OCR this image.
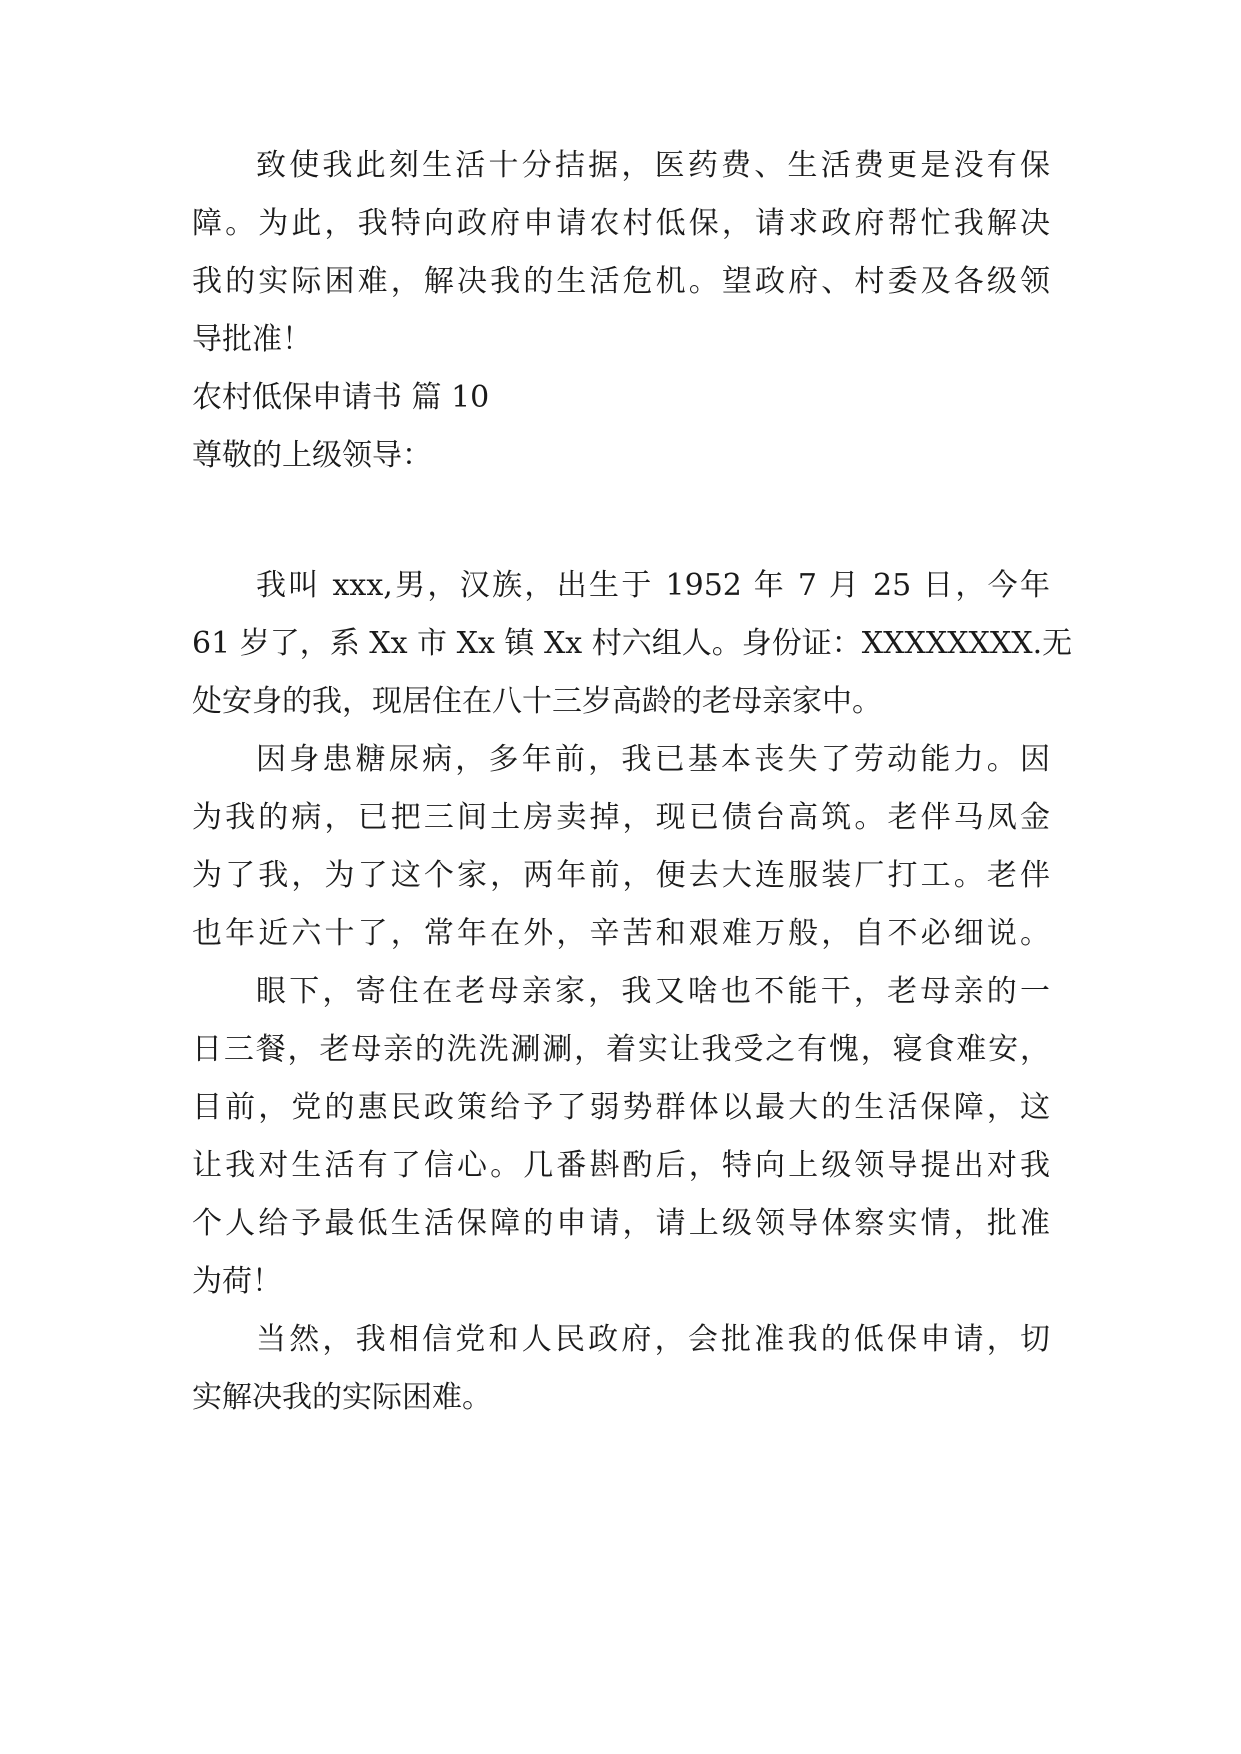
致使我此刻生活十分拮据，医药费、生活费更是没有保
障。为此，我特向政府申请农村低保，请求政府帮忙我解决
我的实际困难，解决我的生活危机。望政府、村委及各级领
导批准！
农村低保申请书 篇 10
尊敬的上级领导：
我叫 xxx,男，汉族，出生于 1952 年 7 月 25 日，今年
61 岁了，系 Xx 市 Xx 镇 Xx 村六组人。身份证：XXXXXXXX.无
处安身的我，现居住在八十三岁高龄的老母亲家中。
因身患糖尿病，多年前，我已基本丧失了劳动能力。因
为我的病，已把三间土房卖掉，现已债台高筑。老伴马凤金
为了我，为了这个家，两年前，便去大连服装厂打工。老伴
也年近六十了，常年在外，辛苦和艰难万般，自不必细说。
眼下，寄住在老母亲家，我又啥也不能干，老母亲的一
日三餐，老母亲的洗洗涮涮，着实让我受之有愧，寝食难安，
目前，党的惠民政策给予了弱势群体以最大的生活保障，这
让我对生活有了信心。几番斟酌后，特向上级领导提出对我
个人给予最低生活保障的申请，请上级领导体察实情，批准
为荷！
当然，我相信党和人民政府，会批准我的低保申请，切
实解决我的实际困难。
